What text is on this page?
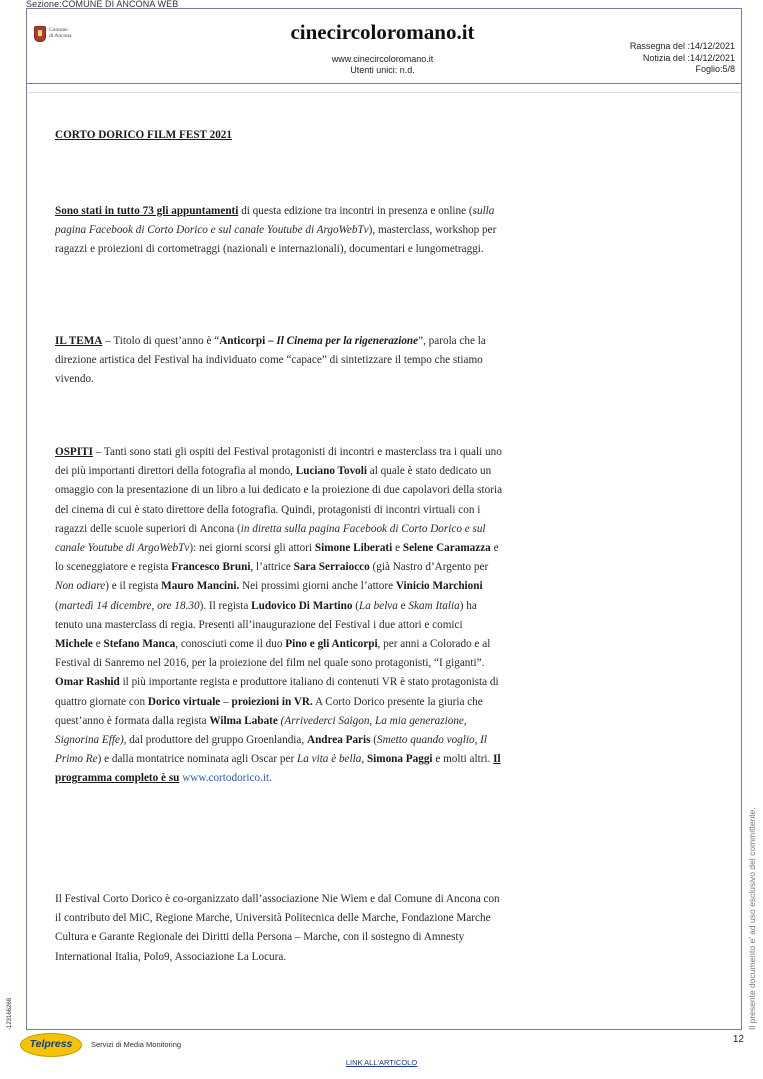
Sezione:COMUNE DI ANCONA WEB
Comune
di Ancona	cinecircoloromano.it
www.cinecircoloromano.it
Utenti unici: n.d.
Rassegna del :14/12/2021
Notizia del :14/12/2021
Foglio:5/8
CORTO DORICO FILM FEST 2021
Sono stati in tutto 73 gli appuntamenti di questa edizione tra incontri in presenza e online (sulla pagina Facebook di Corto Dorico e sul canale Youtube di ArgoWebTv), masterclass, workshop per ragazzi e proiezioni di cortometraggi (nazionali e internazionali), documentari e lungometraggi.
IL TEMA – Titolo di quest’anno è “Anticorpi – Il Cinema per la rigenerazione”, parola che la direzione artistica del Festival ha individuato come “capace” di sintetizzare il tempo che stiamo vivendo.
OSPITI – Tanti sono stati gli ospiti del Festival protagonisti di incontri e masterclass tra i quali uno dei più importanti direttori della fotografia al mondo, Luciano Tovoli al quale è stato dedicato un omaggio con la presentazione di un libro a lui dedicato e la proiezione di due capolavori della storia del cinema di cui è stato direttore della fotografia. Quindi, protagonisti di incontri virtuali con i ragazzi delle scuole superiori di Ancona (in diretta sulla pagina Facebook di Corto Dorico e sul canale Youtube di ArgoWebTv): nei giorni scorsi gli attori Simone Liberati e Selene Caramazza e lo sceneggiatore e regista Francesco Bruni, l’attrice Sara Serraiocco (già Nastro d’Argento per Non odiare) e il regista Mauro Mancini. Nei prossimi giorni anche l’attore Vinicio Marchioni (martedì 14 dicembre, ore 18.30). Il regista Ludovico Di Martino (La belva e Skam Italia) ha tenuto una masterclass di regia. Presenti all’inaugurazione del Festival i due attori e comici Michele e Stefano Manca, conosciuti come il duo Pino e gli Anticorpi, per anni a Colorado e al Festival di Sanremo nel 2016, per la proiezione del film nel quale sono protagonisti, “I giganti”. Omar Rashid il più importante regista e produttore italiano di contenuti VR è stato protagonista di quattro giornate con Dorico virtuale – proiezioni in VR. A Corto Dorico presente la giuria che quest’anno è formata dalla regista Wilma Labate (Arrivederci Saigon, La mia generazione, Signorina Effe), dal produttore del gruppo Groenlandia, Andrea Paris (Smetto quando voglio, Il Primo Re) e dalla montatrice nominata agli Oscar per La vita è bella, Simona Paggi e molti altri. Il programma completo è su www.cortodorico.it.
Il Festival Corto Dorico è co-organizzato dall’associazione Nie Wiem e dal Comune di Ancona con il contributo del MiC, Regione Marche, Università Politecnica delle Marche, Fondazione Marche Cultura e Garante Regionale dei Diritti della Persona – Marche, con il sostegno di Amnesty International Italia, Polo9, Associazione La Locura.	Il presente documento e' ad uso esclusivo del committente.
-123166268
12
Telpress	Servizi di Media Monitoring
LINK ALL'ARTICOLO
